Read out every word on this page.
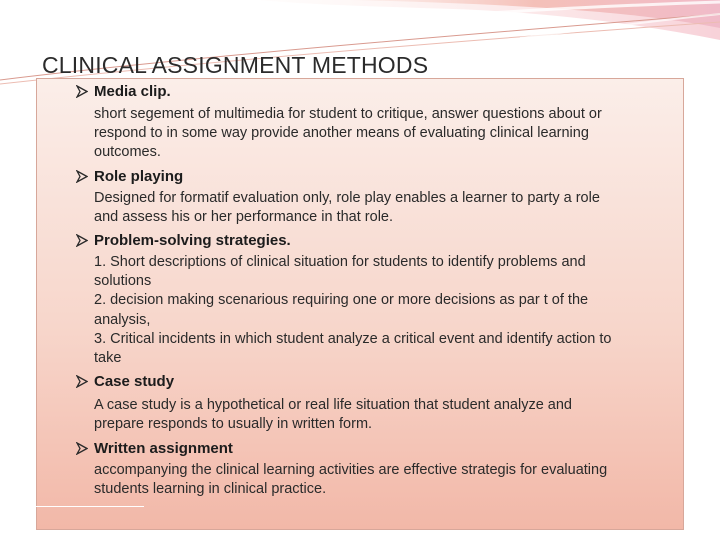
CLINICAL ASSIGNMENT METHODS
Media clip.
short segement of multimedia for student to critique, answer questions about or
respond to in some way provide another means of evaluating clinical learning
outcomes.
Role playing
Designed for formatif evaluation only, role play enables a learner to party a role
and assess his or her performance in that role.
Problem-solving strategies.
1. Short descriptions of clinical situation for students to identify problems and
solutions
2. decision making scenarious requiring one or more decisions as par t of the
analysis,
3. Critical incidents in which student analyze a critical event and identify action to
take
Case study
A case study is a hypothetical or real life situation that student analyze and
prepare responds to usually in written form.
Written assignment
accompanying the clinical learning activities are effective strategis for evaluating
students learning in clinical practice.
